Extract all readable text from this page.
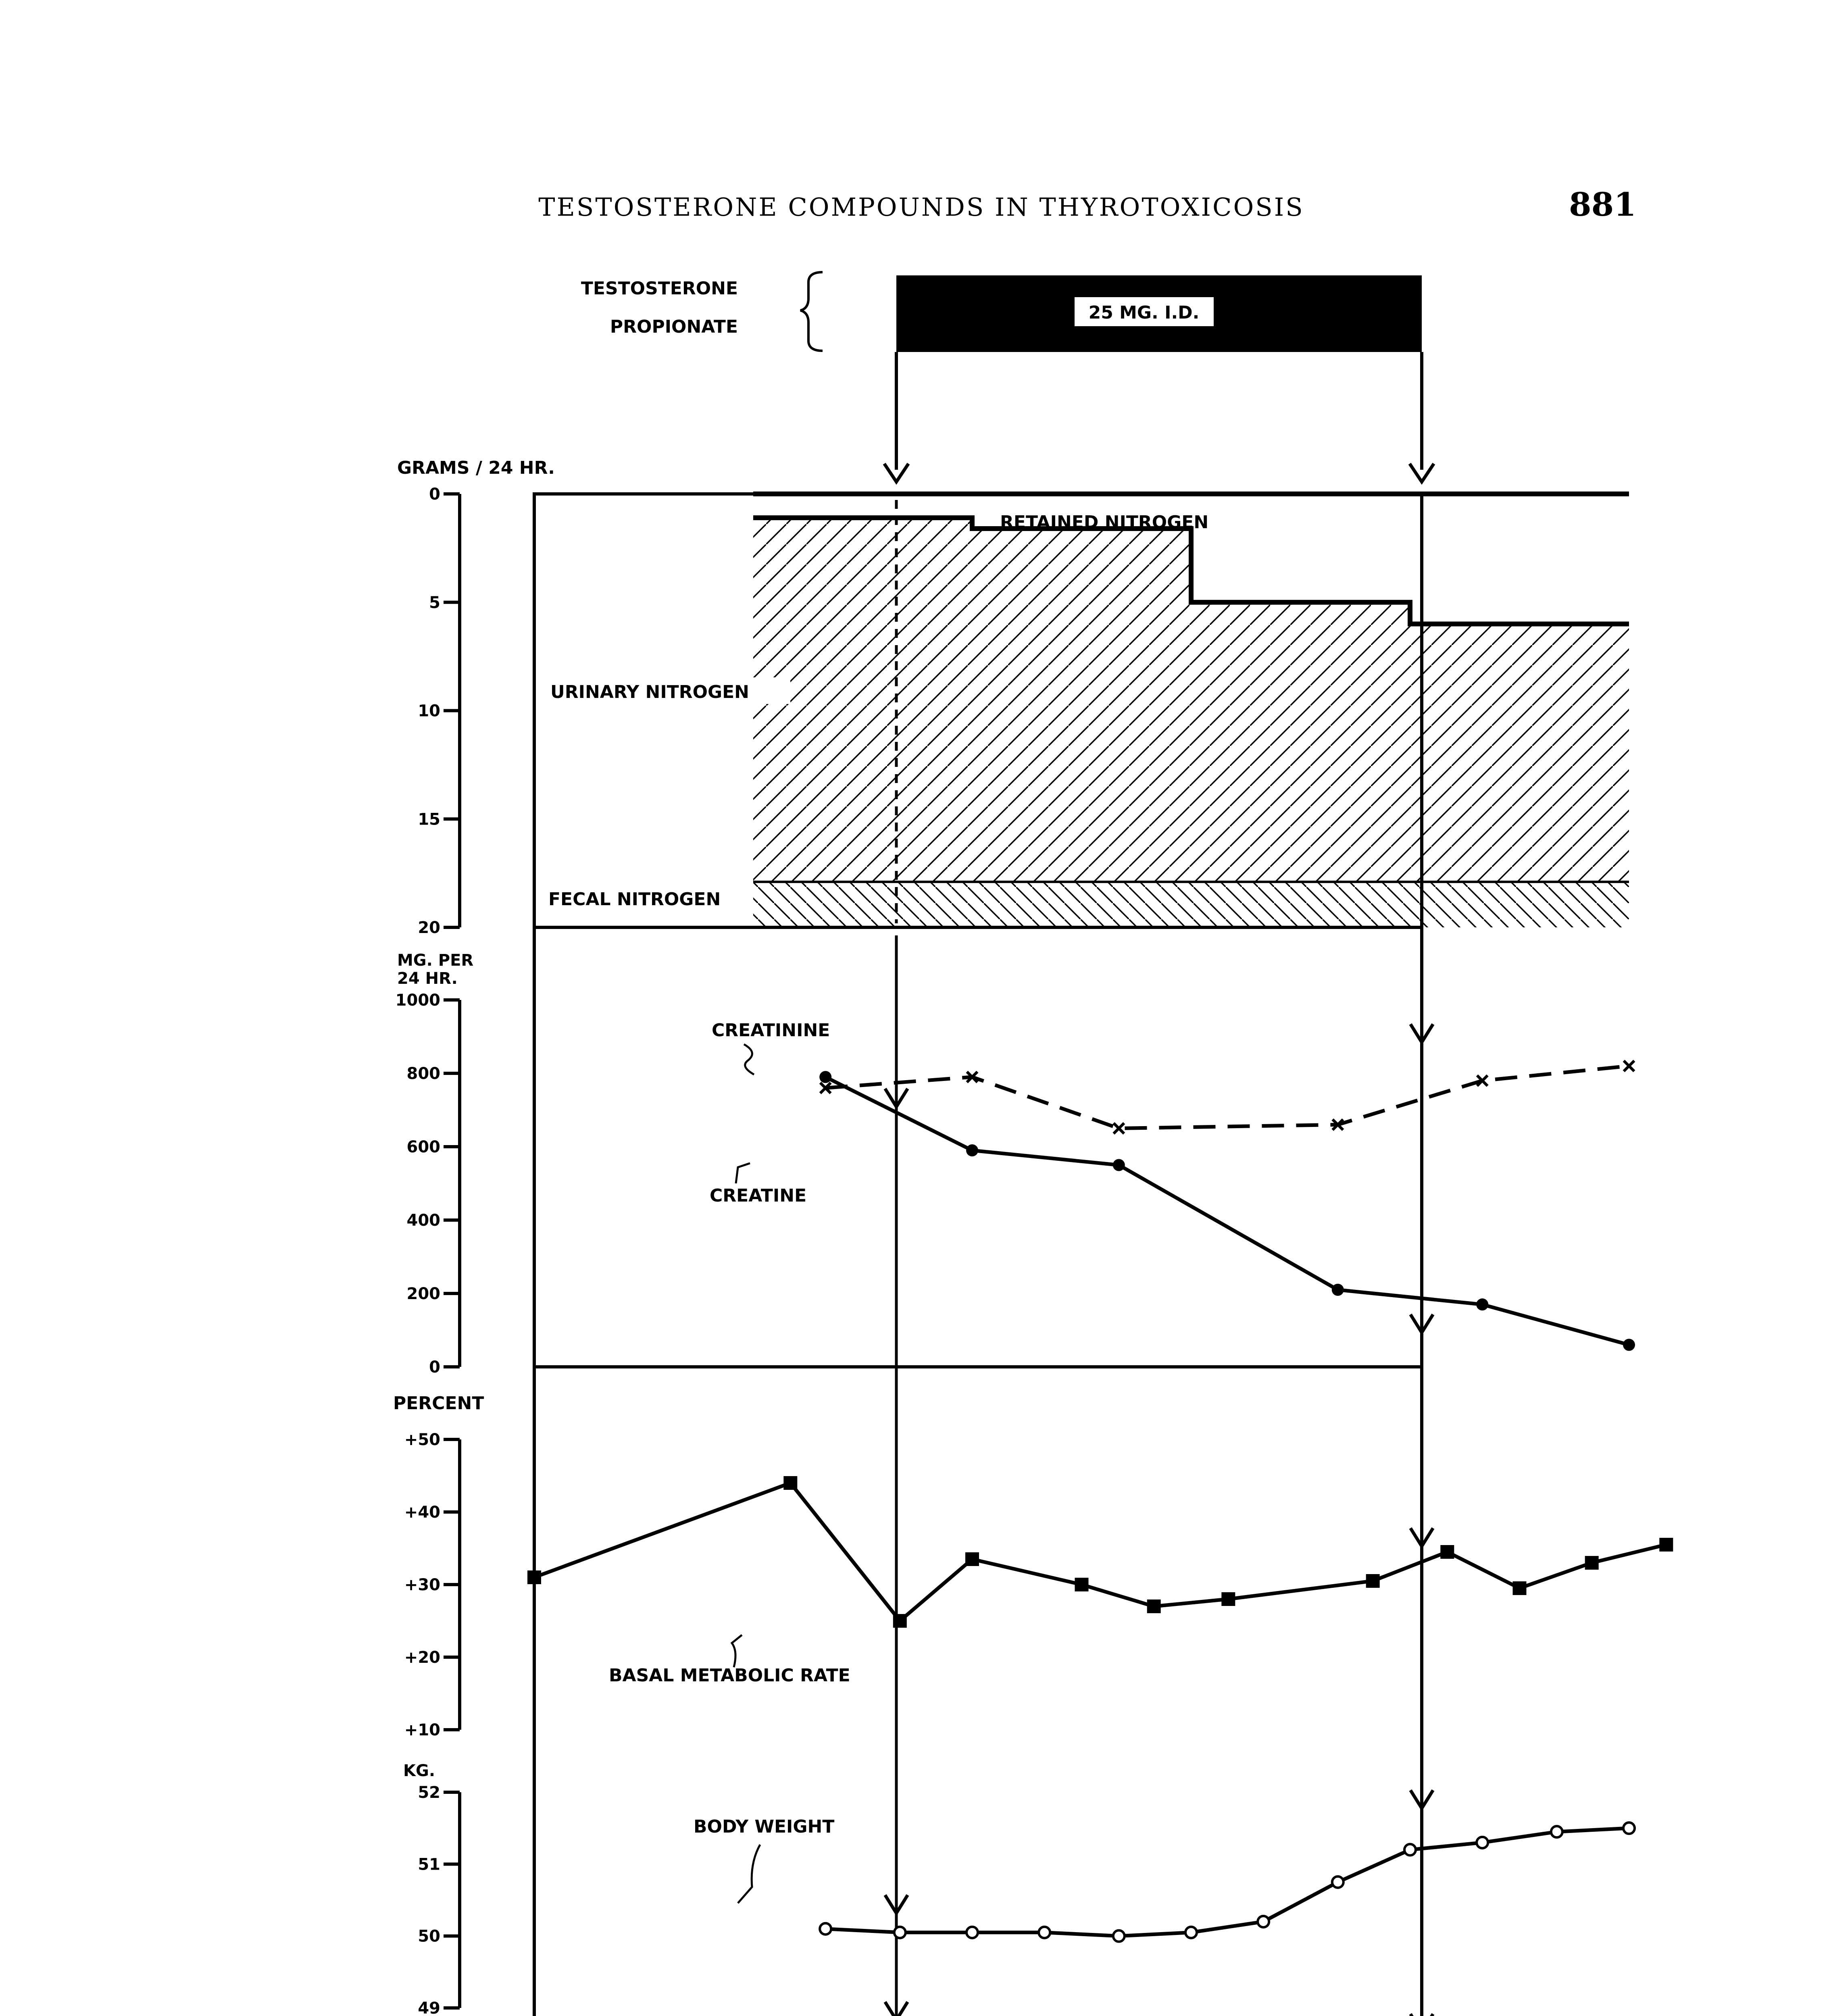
TESTOSTERONE COMPOUNDS IN THYROTOXICOSIS	881
TESTOSTERONE
PROPIONATE
25 MG. I.D.
GRAMS / 24 HR.
0
5
10
15
20
URINARY NITROGEN
FECAL NITROGEN
RETAINED NITROGEN
MG. PER
24 HR.
1000
800
600
400
200
0
CREATININE
CREATINE
PERCENT
+50
+40
+30
+20
+10
BASAL METABOLIC RATE
KG.
52
51
50
49
BODY WEIGHT
